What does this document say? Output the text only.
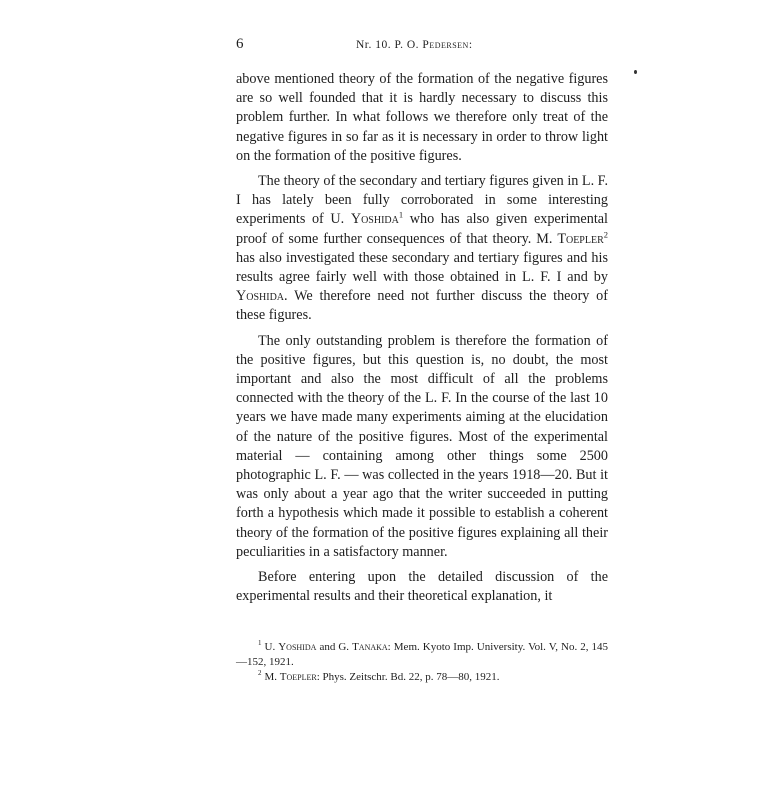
6	Nr. 10. P. O. Pedersen:

above mentioned theory of the formation of the negative figures are so well founded that it is hardly necessary to discuss this problem further. In what follows we therefore only treat of the negative figures in so far as it is necessary in order to throw light on the formation of the positive figures.

The theory of the secondary and tertiary figures given in L. F. I has lately been fully corroborated in some interesting experiments of U. Yoshida$^1$ who has also given experimental proof of some further consequences of that theory. M. Toepler$^2$ has also investigated these secondary and tertiary figures and his results agree fairly well with those obtained in L. F. I and by Yoshida. We therefore need not further discuss the theory of these figures.

The only outstanding problem is therefore the formation of the positive figures, but this question is, no doubt, the most important and also the most difficult of all the problems connected with the theory of the L. F. In the course of the last 10 years we have made many experiments aiming at the elucidation of the nature of the positive figures. Most of the experimental material — containing among other things some 2500 photographic L. F. — was collected in the years 1918—20. But it was only about a year ago that the writer succeeded in putting forth a hypothesis which made it possible to establish a coherent theory of the formation of the positive figures explaining all their peculiarities in a satisfactory manner.

Before entering upon the detailed discussion of the experimental results and their theoretical explanation, it

$^1$ U. Yoshida and G. Tanaka: Mem. Kyoto Imp. University. Vol. V, No. 2, 145—152, 1921.

$^2$ M. Toepler: Phys. Zeitschr. Bd. 22, p. 78—80, 1921.
